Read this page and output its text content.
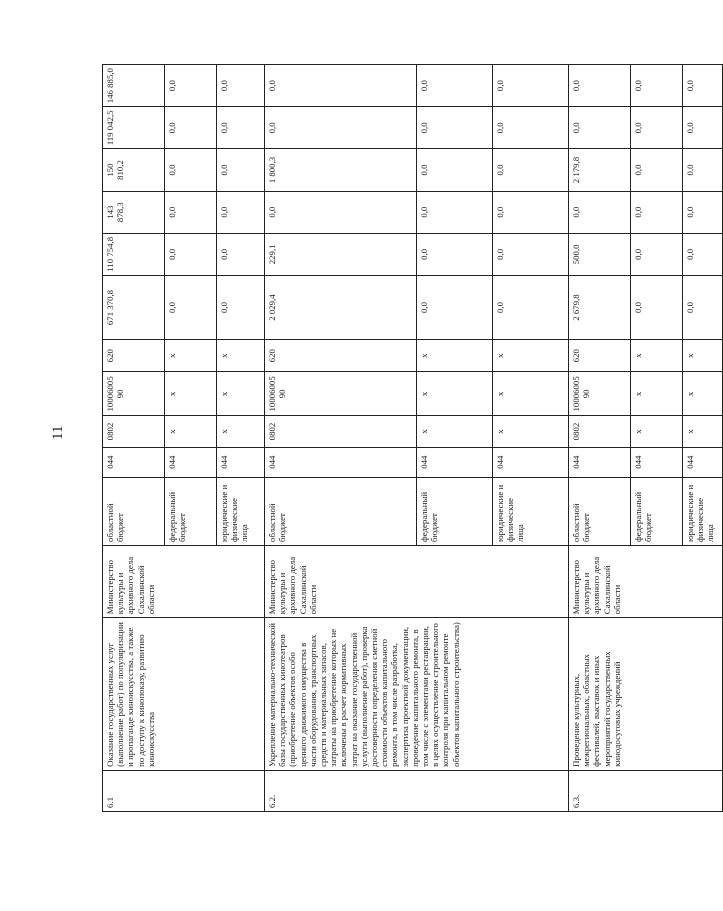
11
6.1	Оказание государственных услуг (выполнение работ) по популяризации и пропаганде киноискусства, а также по доступу к кинопоказу, развитию киноискусства	Министерство культуры и архивного дела Сахалинской области	областной бюджет	044	0802	10006005 90	620	671 370,8	110 754,8	143 878,3	150 810,2	119 042,5	146 885,0
			федеральный бюджет	044	x	x	x	0,0	0,0	0,0	0,0	0,0	0,0
			юридические и физические лица	044	x	x	x	0,0	0,0	0,0	0,0	0,0	0,0
6.2.	Укрепление материально-технической базы государственных кинотеатров (приобретение объектов особо ценного движимого имущества в части оборудования, транспортных средств и материальных запасов, затраты на приобретение которых не включены в расчет нормативных затрат на оказание государственной услуги (выполнение работ), проверка достоверности определения сметной стоимости объектов капитального ремонта, в том числе разработка, экспертиза проектной документации, проведение капитального ремонта, в том числе с элементами реставрации, в целях осуществление строительного контроля при капитальном ремонте объектов капитального строительства)	Министерство культуры и архивного дела Сахалинской области	областной бюджет	044	0802	10006005 90	620	2 029,4	229,1	0,0	1 800,3	0,0	0,0
			федеральный бюджет	044	x	x	x	0,0	0,0	0,0	0,0	0,0	0,0
			юридические и физические лица	044	x	x	x	0,0	0,0	0,0	0,0	0,0	0,0
6.3.	Проведение культурных, межрегиональных, областных фестивалей, выставок и иных мероприятий государственных кинодосуговых учреждений	Министерство культуры и архивного дела Сахалинской области	областной бюджет	044	0802	10006005 90	620	2 679,8	500,0	0,0	2 179,8	0,0	0,0
			федеральный бюджет	044	x	x	x	0,0	0,0	0,0	0,0	0,0	0,0
			юридические и физические лица	044	x	x	x	0,0	0,0	0,0	0,0	0,0	0,0
